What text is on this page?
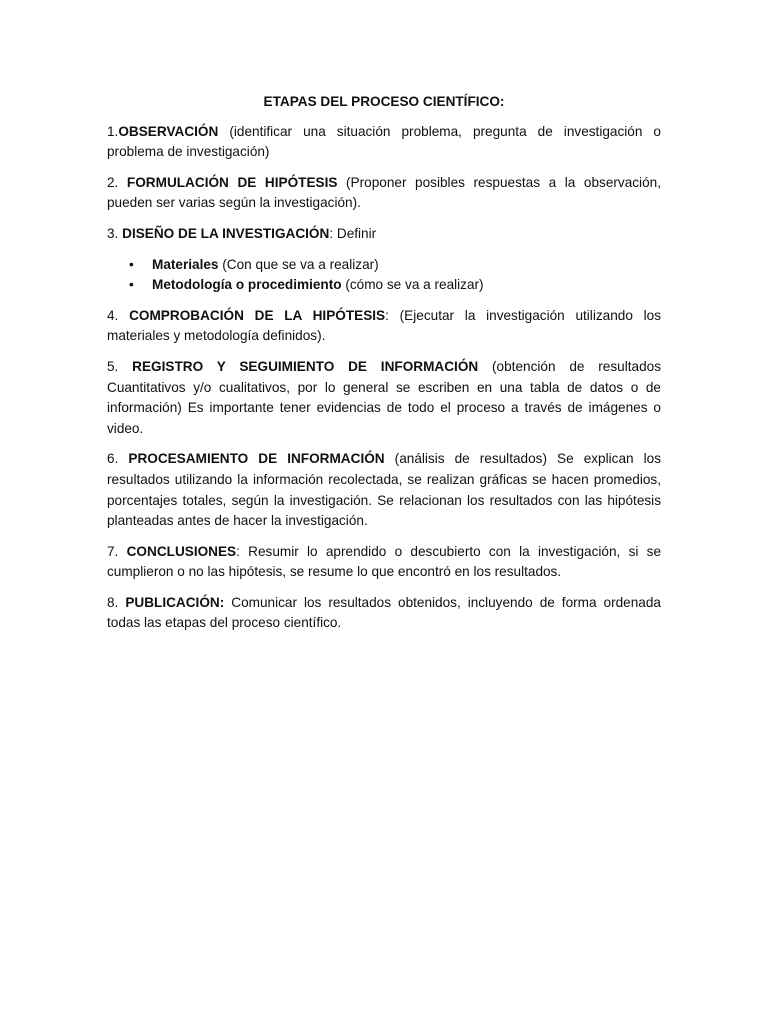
ETAPAS DEL PROCESO CIENTÍFICO:

1.OBSERVACIÓN (identificar una situación problema, pregunta de investigación o problema de investigación)

2. FORMULACIÓN DE HIPÓTESIS (Proponer posibles respuestas a la observación, pueden ser varias según la investigación).

3. DISEÑO DE LA INVESTIGACIÓN: Definir

• Materiales (Con que se va a realizar)
• Metodología o procedimiento (cómo se va a realizar)

4. COMPROBACIÓN DE LA HIPÓTESIS: (Ejecutar la investigación utilizando los materiales y metodología definidos).

5. REGISTRO Y SEGUIMIENTO DE INFORMACIÓN (obtención de resultados Cuantitativos y/o cualitativos, por lo general se escriben en una tabla de datos o de información) Es importante tener evidencias de todo el proceso a través de imágenes o video.

6. PROCESAMIENTO DE INFORMACIÓN (análisis de resultados) Se explican los resultados utilizando la información recolectada, se realizan gráficas se hacen promedios, porcentajes totales, según la investigación. Se relacionan los resultados con las hipótesis planteadas antes de hacer la investigación.

7. CONCLUSIONES: Resumir lo aprendido o descubierto con la investigación, si se cumplieron o no las hipótesis, se resume lo que encontró en los resultados.

8. PUBLICACIÓN: Comunicar los resultados obtenidos, incluyendo de forma ordenada todas las etapas del proceso científico.
